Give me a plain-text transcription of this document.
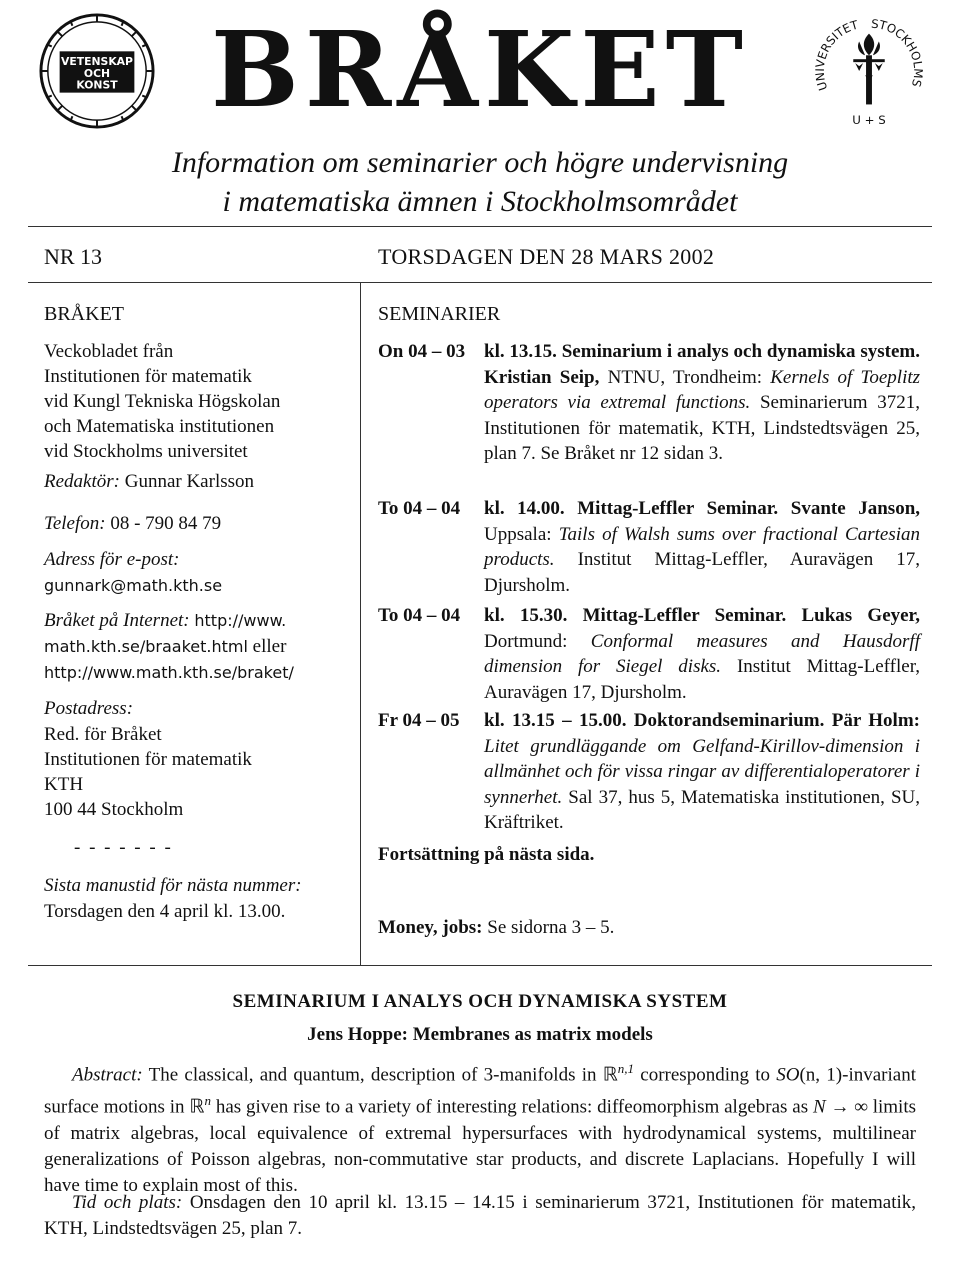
VETENSKAP
OCH
KONST BRÅKET	UNIVERSITET STOCKHOLMS
U + S
Information om seminarier och högre undervisning
i matematiska ämnen i Stockholmsområdet
NR 13	TORSDAGEN DEN 28 MARS 2002
BRÅKET
Veckobladet från
Institutionen för matematik
vid Kungl Tekniska Högskolan
och Matematiska institutionen
vid Stockholms universitet
Redaktör: Gunnar Karlsson
Telefon: 08 - 790 84 79
Adress för e-post:
gunnark@math.kth.se
Bråket på Internet: http://www.
math.kth.se/braaket.html eller
http://www.math.kth.se/braket/
Postadress:
Red. för Bråket
Institutionen för matematik
KTH
100 44 Stockholm
- - - - - - -
Sista manustid för nästa nummer:
Torsdagen den 4 april kl. 13.00.
SEMINARIER
On 04 – 03 kl. 13.15. Seminarium i analys och dynamiska system. Kristian Seip, NTNU, Trondheim: Kernels of Toeplitz operators via extremal functions. Seminarierum 3721, Institutionen för matematik, KTH, Lindstedtsvägen 25, plan 7. Se Bråket nr 12 sidan 3.
To 04 – 04 kl. 14.00. Mittag-Leffler Seminar. Svante Janson, Uppsala: Tails of Walsh sums over fractional Cartesian products. Institut Mittag-Leffler, Auravägen 17, Djursholm.
To 04 – 04 kl. 15.30. Mittag-Leffler Seminar. Lukas Geyer, Dortmund: Conformal measures and Hausdorff dimension for Siegel disks. Institut Mittag-Leffler, Auravägen 17, Djursholm.
Fr 04 – 05 kl. 13.15 – 15.00. Doktorandseminarium. Pär Holm: Litet grundläggande om Gelfand-Kirillov-dimension i allmänhet och för vissa ringar av differentialoperatorer i synnerhet. Sal 37, hus 5, Matematiska institutionen, SU, Kräftriket.
Fortsättning på nästa sida.
Money, jobs: Se sidorna 3 – 5.
SEMINARIUM I ANALYS OCH DYNAMISKA SYSTEM
Jens Hoppe: Membranes as matrix models
Abstract: The classical, and quantum, description of 3-manifolds in ℝ$^{n,1}$ corresponding to SO(n, 1)-invariant surface motions in ℝ$^n$ has given rise to a variety of interesting relations: diffeomorphism algebras as N → ∞ limits of matrix algebras, local equivalence of extremal hypersurfaces with hydrodynamical systems, multilinear generalizations of Poisson algebras, non-commutative star products, and discrete Laplacians. Hopefully I will have time to explain most of this.
Tid och plats: Onsdagen den 10 april kl. 13.15 – 14.15 i seminarierum 3721, Institutionen för matematik, KTH, Lindstedtsvägen 25, plan 7.
